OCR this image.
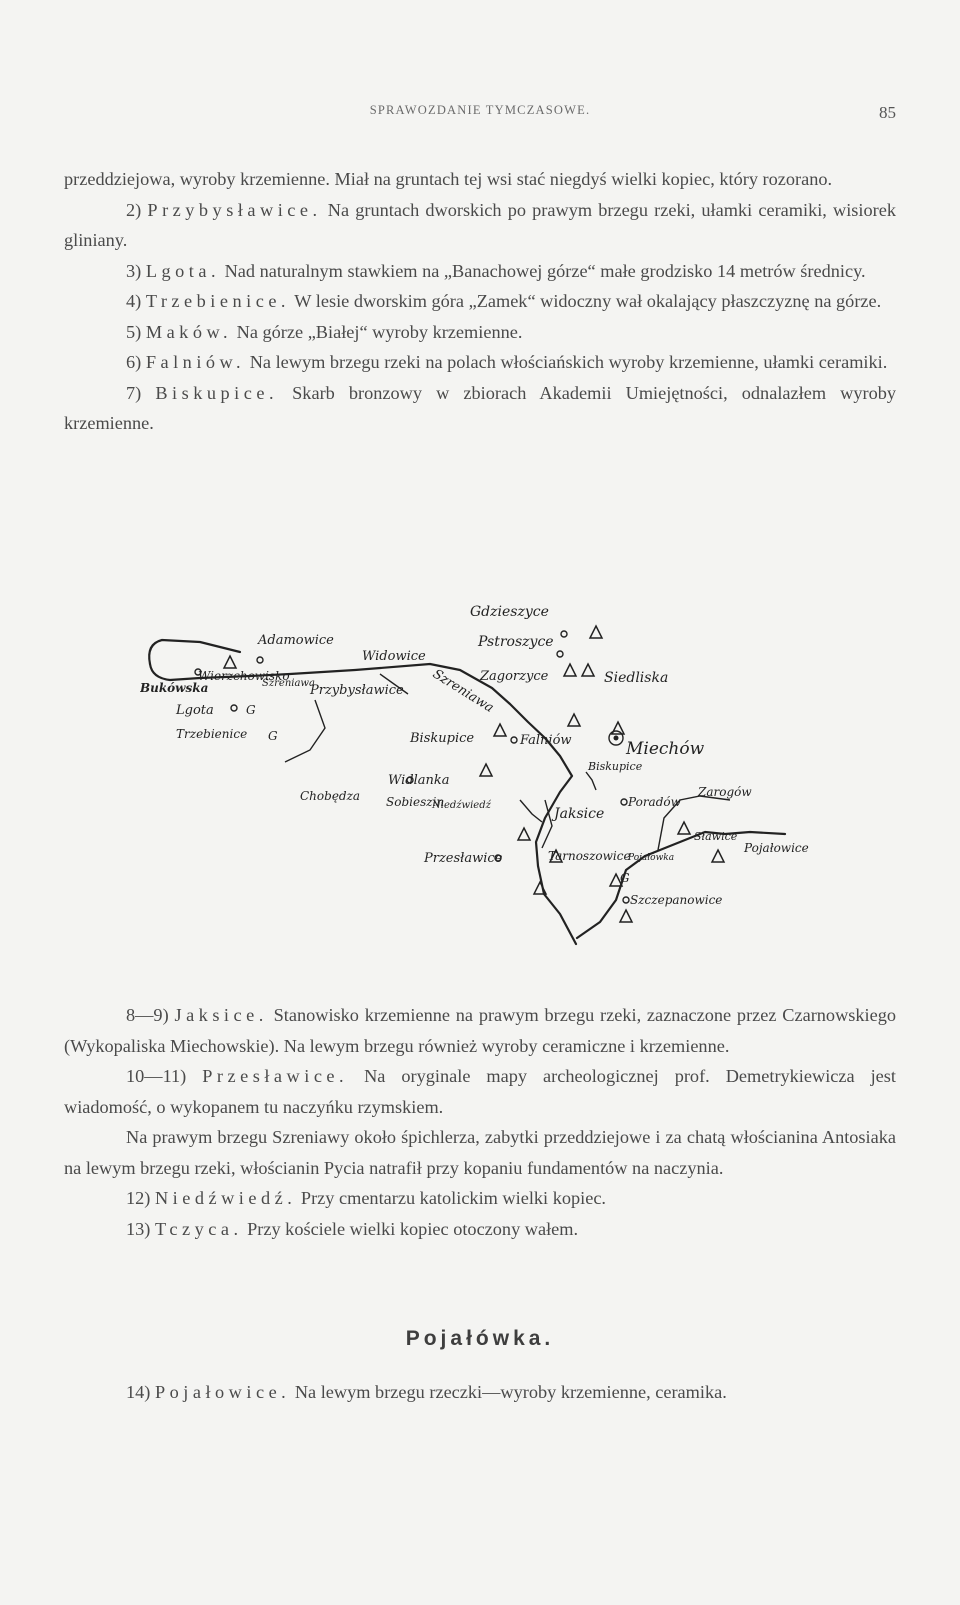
SPRAWOZDANIE TYMCZASOWE.	85

przeddziejowa, wyroby krzemienne. Miał na gruntach tej wsi stać niegdyś wielki kopiec, który rozorano.

2) Przybysławice. Na gruntach dworskich po prawym brzegu rzeki, ułamki ceramiki, wisiorek gliniany.

3) Lgota. Nad naturalnym stawkiem na „Banachowej górze“ małe grodzisko 14 metrów średnicy.

4) Trzebienice. W lesie dworskim góra „Zamek“ widoczny wał okalający płaszczyznę na górze.

5) Maków. Na górze „Białej“ wyroby krzemienne.

6) Falniów. Na lewym brzegu rzeki na polach włościańskich wyroby krzemienne, ułamki ceramiki.

7) Biskupice. Skarb bronzowy w zbiorach Akademii Umiejętności, odnalazłem wyroby krzemienne.

Gdzieszyce
Pstroszyce
Adamowice
Widowice
Zagorzyce	Siedliska
Bukówska
Wierzchowisko
Szreniawa
Przybysławice Szreniawa
Lgota	G
Trzebienice G	Biskupice	Falniów	Miechów
Biskupice
Widlanka
Chobędza Sobieszin
Niedźwiedź
Jaksice
Poradów
Zarogów
Przesławice	Tarnoszowice
Sławice
Pojałówka
Pojałowice
G
Szczepanowice

8—9) Jaksice. Stanowisko krzemienne na prawym brzegu rzeki, zaznaczone przez Czarnowskiego (Wykopaliska Miechowskie). Na lewym brzegu również wyroby ceramiczne i krzemienne.

10—11) Przesławice. Na oryginale mapy archeologicznej prof. Demetrykiewicza jest wiadomość, o wykopanem tu naczyńku rzymskiem.

Na prawym brzegu Szreniawy około śpichlerza, zabytki przeddziejowe i za chatą włościanina Antosiaka na lewym brzegu rzeki, włościanin Pycia natrafił przy kopaniu fundamentów na naczynia.

12) Niedźwiedź. Przy cmentarzu katolickim wielki kopiec.

13) Tczyca. Przy kościele wielki kopiec otoczony wałem.

Pojałówka.

14) Pojałowice. Na lewym brzegu rzeczki—wyroby krzemienne, ceramika.
